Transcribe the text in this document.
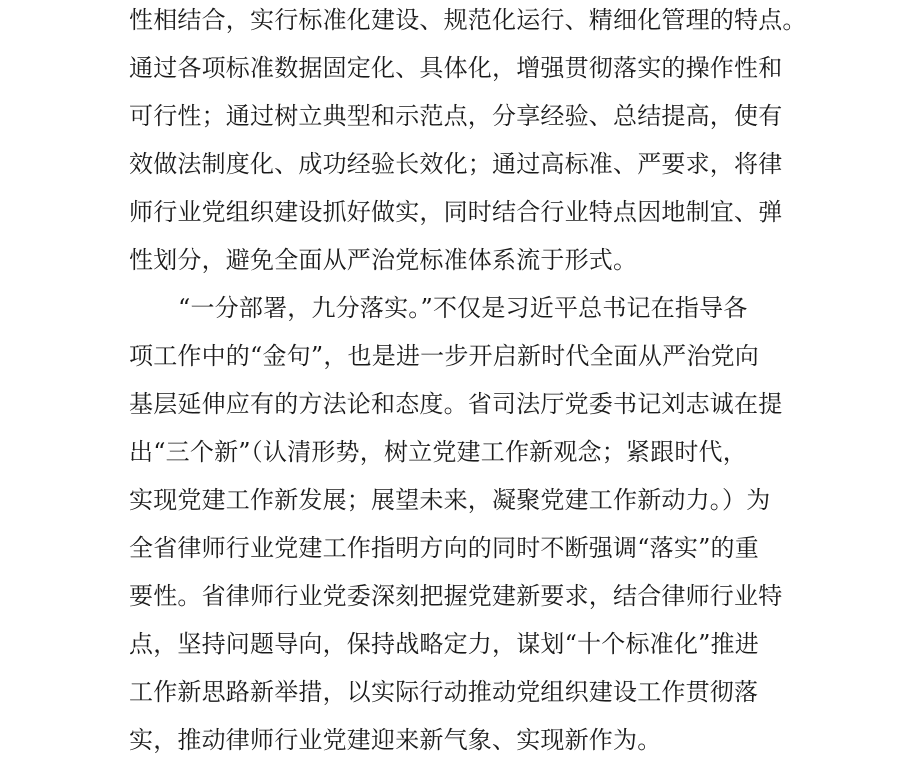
性相结合，实行标准化建设、规范化运行、精细化管理的特点。
通过各项标准数据固定化、具体化，增强贯彻落实的操作性和
可行性；通过树立典型和示范点，分享经验、总结提高，使有
效做法制度化、成功经验长效化；通过高标准、严要求，将律
师行业党组织建设抓好做实，同时结合行业特点因地制宜、弹
性划分，避免全面从严治党标准体系流于形式。
“一分部署，九分落实。”不仅是习近平总书记在指导各
项工作中的“金句”，也是进一步开启新时代全面从严治党向
基层延伸应有的方法论和态度。省司法厅党委书记刘志诚在提
出“三个新”（认清形势，树立党建工作新观念；紧跟时代，
实现党建工作新发展；展望未来，凝聚党建工作新动力。）为
全省律师行业党建工作指明方向的同时不断强调“落实”的重
要性。省律师行业党委深刻把握党建新要求，结合律师行业特
点，坚持问题导向，保持战略定力，谋划“十个标准化”推进
工作新思路新举措，以实际行动推动党组织建设工作贯彻落
实，推动律师行业党建迎来新气象、实现新作为。
